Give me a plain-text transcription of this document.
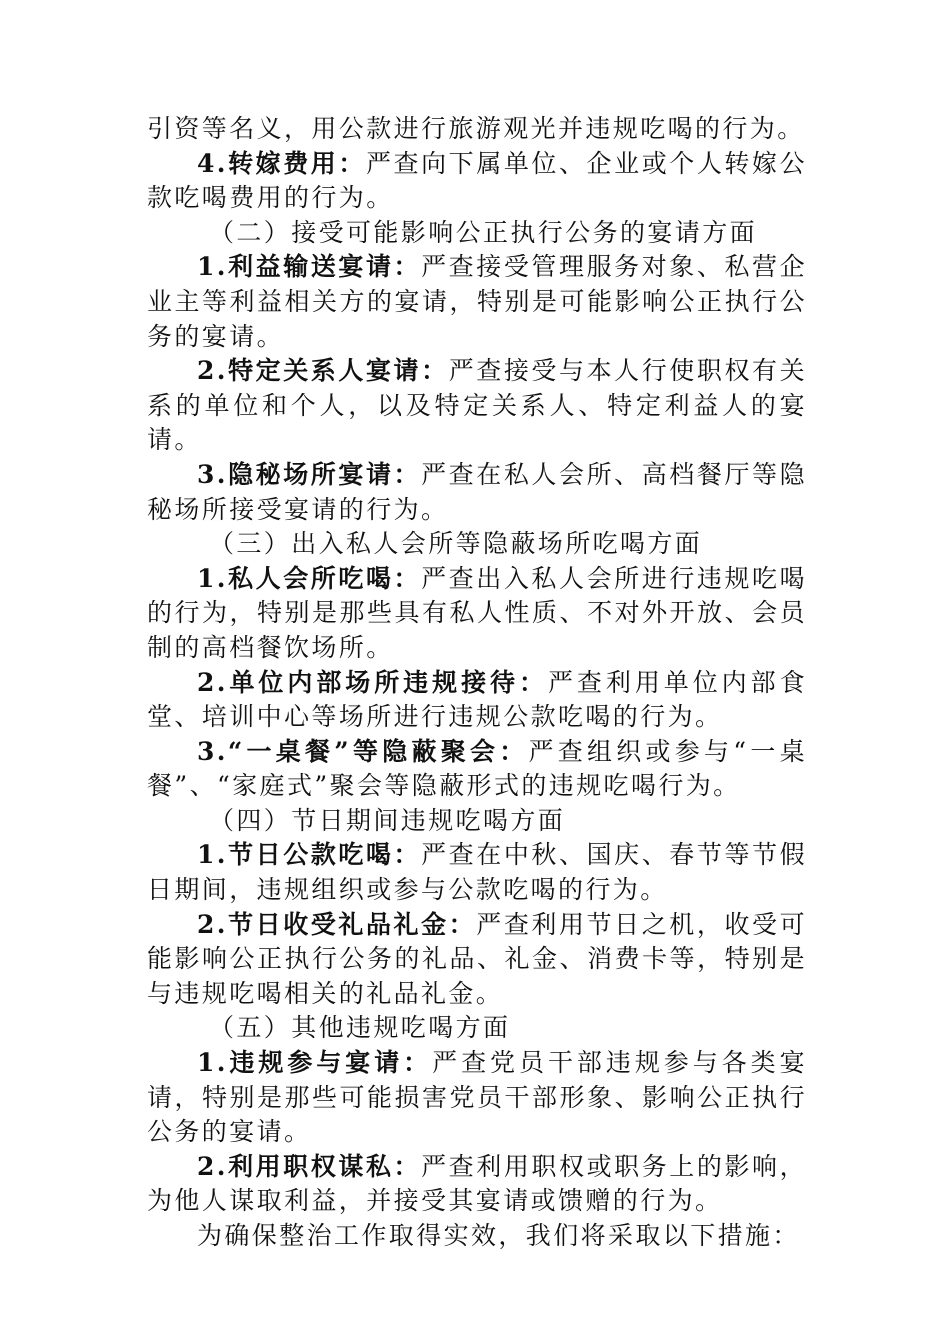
引资等名义，用公款进行旅游观光并违规吃喝的行为。

4.转嫁费用：严查向下属单位、企业或个人转嫁公款吃喝费用的行为。

（二）接受可能影响公正执行公务的宴请方面

1.利益输送宴请：严查接受管理服务对象、私营企业主等利益相关方的宴请，特别是可能影响公正执行公务的宴请。

2.特定关系人宴请：严查接受与本人行使职权有关系的单位和个人，以及特定关系人、特定利益人的宴请。

3.隐秘场所宴请：严查在私人会所、高档餐厅等隐秘场所接受宴请的行为。

（三）出入私人会所等隐蔽场所吃喝方面

1.私人会所吃喝：严查出入私人会所进行违规吃喝的行为，特别是那些具有私人性质、不对外开放、会员制的高档餐饮场所。

2.单位内部场所违规接待：严查利用单位内部食堂、培训中心等场所进行违规公款吃喝的行为。

3.“一桌餐”等隐蔽聚会：严查组织或参与“一桌餐”、“家庭式”聚会等隐蔽形式的违规吃喝行为。

（四）节日期间违规吃喝方面

1.节日公款吃喝：严查在中秋、国庆、春节等节假日期间，违规组织或参与公款吃喝的行为。

2.节日收受礼品礼金：严查利用节日之机，收受可能影响公正执行公务的礼品、礼金、消费卡等，特别是与违规吃喝相关的礼品礼金。

（五）其他违规吃喝方面

1.违规参与宴请：严查党员干部违规参与各类宴请，特别是那些可能损害党员干部形象、影响公正执行公务的宴请。

2.利用职权谋私：严查利用职权或职务上的影响，为他人谋取利益，并接受其宴请或馈赠的行为。

为确保整治工作取得实效，我们将采取以下措施：
